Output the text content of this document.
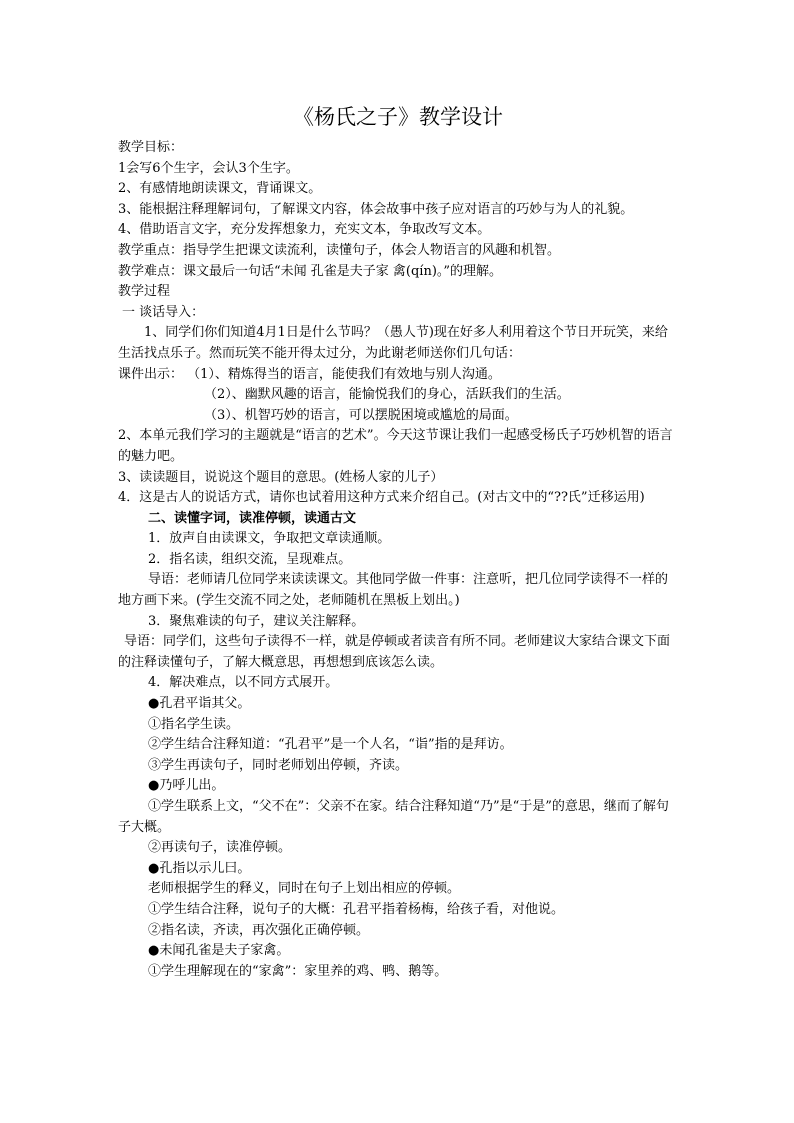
《杨氏之子》教学设计

教学目标：

1会写6个生字，会认3个生字。

2、有感情地朗读课文，背诵课文。

3、能根据注释理解词句，了解课文内容，体会故事中孩子应对语言的巧妙与为人的礼貌。

4、借助语言文字，充分发挥想象力，充实文本，争取改写文本。

教学重点：指导学生把课文读流利，读懂句子，体会人物语言的风趣和机智。

教学难点：课文最后一句话“未闻 孔雀是夫子家 禽(qín)。”的理解。

教学过程

一 谈话导入：

1、同学们你们知道4月1日是什么节吗？（愚人节)现在好多人利用着这个节日开玩笑，来给生活找点乐子。然而玩笑不能开得太过分，为此谢老师送你们几句话：

课件出示： （1）、精炼得当的语言，能使我们有效地与别人沟通。

（2）、幽默风趣的语言，能愉悦我们的身心，活跃我们的生活。

（3）、机智巧妙的语言，可以摆脱困境或尴尬的局面。

2、本单元我们学习的主题就是“语言的艺术”。今天这节课让我们一起感受杨氏子巧妙机智的语言的魅力吧。

3、读读题目，说说这个题目的意思。(姓杨人家的儿子）

4．这是古人的说话方式，请你也试着用这种方式来介绍自己。(对古文中的“??氏”迁移运用)

二、读懂字词，读准停顿，读通古文

1．放声自由读课文，争取把文章读通顺。

2．指名读，组织交流，呈现难点。

导语：老师请几位同学来读读课文。其他同学做一件事：注意听，把几位同学读得不一样的地方画下来。(学生交流不同之处，老师随机在黑板上划出。)

3．聚焦难读的句子，建议关注解释。

导语：同学们，这些句子读得不一样，就是停顿或者读音有所不同。老师建议大家结合课文下面的注释读懂句子，了解大概意思，再想想到底该怎么读。

4．解决难点，以不同方式展开。

●孔君平诣其父。

①指名学生读。

②学生结合注释知道：“孔君平”是一个人名，“诣”指的是拜访。

③学生再读句子，同时老师划出停顿，齐读。

●乃呼儿出。

①学生联系上文，“父不在”：父亲不在家。结合注释知道“乃”是“于是”的意思，继而了解句子大概。

②再读句子，读准停顿。

●孔指以示儿曰。

老师根据学生的释义，同时在句子上划出相应的停顿。

①学生结合注释，说句子的大概：孔君平指着杨梅，给孩子看，对他说。

②指名读，齐读，再次强化正确停顿。

●未闻孔雀是夫子家禽。

①学生理解现在的“家禽”：家里养的鸡、鸭、鹅等。
